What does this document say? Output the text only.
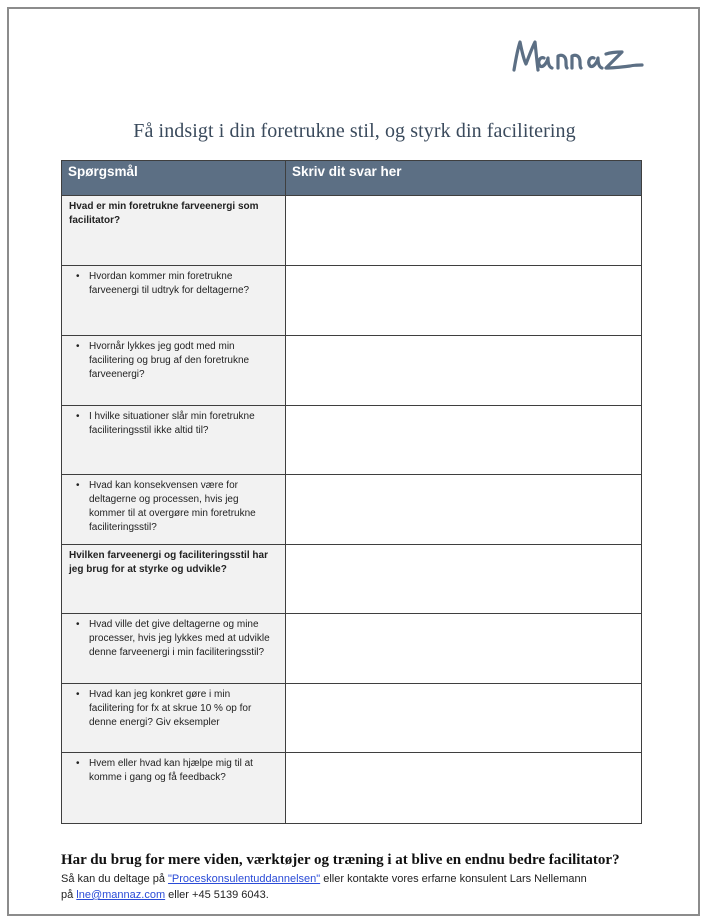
Få indsigt i din foretrukne stil, og styrk din facilitering
Spørgsmål	Skriv dit svar her

Hvad er min foretrukne farveenergi som facilitator?	

• Hvordan kommer min foretrukne farveenergi til udtryk for deltagerne?	

• Hvornår lykkes jeg godt med min facilitering og brug af den foretrukne farveenergi?	

• I hvilke situationer slår min foretrukne faciliteringsstil ikke altid til?	

• Hvad kan konsekvensen være for deltagerne og processen, hvis jeg kommer til at overgøre min foretrukne faciliteringsstil?	

Hvilken farveenergi og faciliteringsstil har jeg brug for at styrke og udvikle?	

• Hvad ville det give deltagerne og mine processer, hvis jeg lykkes med at udvikle denne farveenergi i min faciliteringsstil?	

• Hvad kan jeg konkret gøre i min facilitering for fx at skrue 10 % op for denne energi? Giv eksempler	

• Hvem eller hvad kan hjælpe mig til at komme i gang og få feedback?	

Har du brug for mere viden, værktøjer og træning i at blive en endnu bedre facilitator?
Så kan du deltage på "Proceskonsulentuddannelsen" eller kontakte vores erfarne konsulent Lars Nellemann
på lne@mannaz.com eller +45 5139 6043.
